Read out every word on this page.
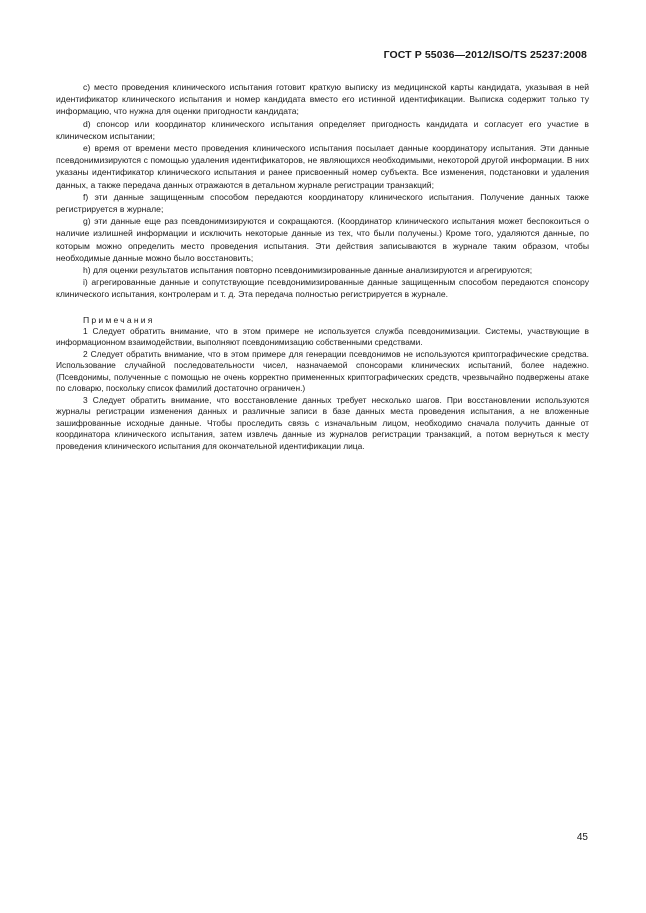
ГОСТ Р 55036—2012/ISO/TS 25237:2008

c) место проведения клинического испытания готовит краткую выписку из медицинской карты кандидата, указывая в ней идентификатор клинического испытания и номер кандидата вместо его истинной идентификации. Выписка содержит только ту информацию, что нужна для оценки пригодности кандидата;

d) спонсор или координатор клинического испытания определяет пригодность кандидата и согласует его участие в клиническом испытании;

e) время от времени место проведения клинического испытания посылает данные координатору испытания. Эти данные псевдонимизируются с помощью удаления идентификаторов, не являющихся необходимыми, некоторой другой информации. В них указаны идентификатор клинического испытания и ранее присвоенный номер субъекта. Все изменения, подстановки и удаления данных, а также передача данных отражаются в детальном журнале регистрации транзакций;

f) эти данные защищенным способом передаются координатору клинического испытания. Получение данных также регистрируется в журнале;

g) эти данные еще раз псевдонимизируются и сокращаются. (Координатор клинического испытания может беспокоиться о наличие излишней информации и исключить некоторые данные из тех, что были получены.) Кроме того, удаляются данные, по которым можно определить место проведения испытания. Эти действия записываются в журнале таким образом, чтобы необходимые данные можно было восстановить;

h) для оценки результатов испытания повторно псевдонимизированные данные анализируются и агрегируются;

i) агрегированные данные и сопутствующие псевдонимизированные данные защищенным способом передаются спонсору клинического испытания, контролерам и т. д. Эта передача полностью регистрируется в журнале.

Примечания

1 Следует обратить внимание, что в этом примере не используется служба псевдонимизации. Системы, участвующие в информационном взаимодействии, выполняют псевдонимизацию собственными средствами.

2 Следует обратить внимание, что в этом примере для генерации псевдонимов не используются криптографические средства. Использование случайной последовательности чисел, назначаемой спонсорами клинических испытаний, более надежно. (Псевдонимы, полученные с помощью не очень корректно примененных криптографических средств, чрезвычайно подвержены атаке по словарю, поскольку список фамилий достаточно ограничен.)

3 Следует обратить внимание, что восстановление данных требует несколько шагов. При восстановлении используются журналы регистрации изменения данных и различные записи в базе данных места проведения испытания, а не вложенные зашифрованные исходные данные. Чтобы проследить связь с изначальным лицом, необходимо сначала получить данные от координатора клинического испытания, затем извлечь данные из журналов регистрации транзакций, а потом вернуться к месту проведения клинического испытания для окончательной идентификации лица.

45
